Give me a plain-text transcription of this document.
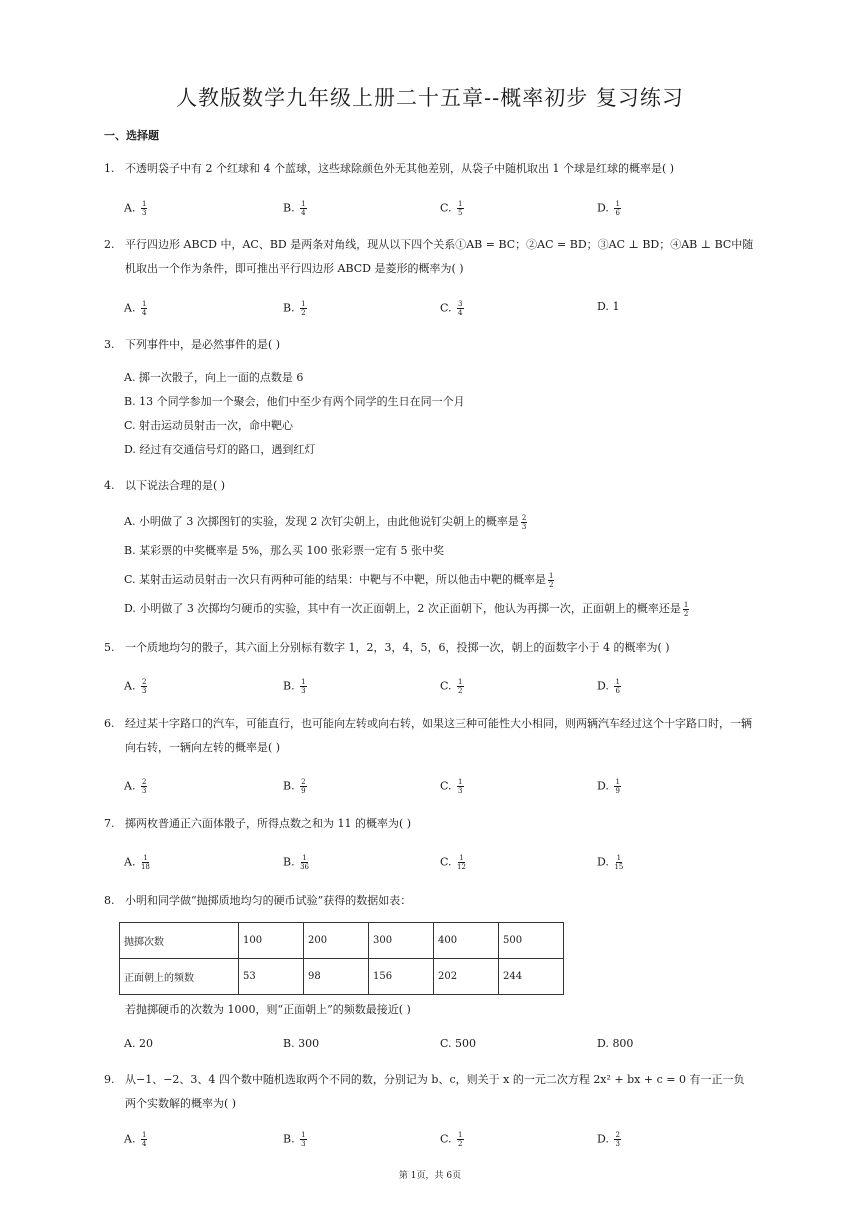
人教版数学九年级上册二十五章--概率初步 复习练习
一、选择题
1. 不透明袋子中有 2 个红球和 4 个蓝球，这些球除颜色外无其他差别，从袋子中随机取出 1 个球是红球的概率是( )
A. $\frac{1}{3}$	B. $\frac{1}{4}$	C. $\frac{1}{5}$	D. $\frac{1}{6}$
2. 平行四边形 ABCD 中，AC、BD 是两条对角线，现从以下四个关系①AB = BC；②AC = BD；③AC ⊥ BD；④AB ⊥ BC中随机取出一个作为条件，即可推出平行四边形 ABCD 是菱形的概率为( )
A. $\frac{1}{4}$	B. $\frac{1}{2}$	C. $\frac{3}{4}$	D. 1
3. 下列事件中，是必然事件的是( )
A. 掷一次骰子，向上一面的点数是 6
B. 13 个同学参加一个聚会，他们中至少有两个同学的生日在同一个月
C. 射击运动员射击一次，命中靶心
D. 经过有交通信号灯的路口，遇到红灯
4. 以下说法合理的是( )
A. 小明做了 3 次掷图钉的实验，发现 2 次钉尖朝上，由此他说钉尖朝上的概率是 $\frac{2}{3}$
B. 某彩票的中奖概率是 5%，那么买 100 张彩票一定有 5 张中奖
C. 某射击运动员射击一次只有两种可能的结果：中靶与不中靶，所以他击中靶的概率是 $\frac{1}{2}$
D. 小明做了 3 次掷均匀硬币的实验，其中有一次正面朝上，2 次正面朝下，他认为再掷一次，正面朝上的概率还是 $\frac{1}{2}$
5. 一个质地均匀的骰子，其六面上分别标有数字 1，2，3，4，5，6，投掷一次，朝上的面数字小于 4 的概率为( )
A. $\frac{2}{3}$	B. $\frac{1}{3}$	C. $\frac{1}{2}$	D. $\frac{1}{6}$
6. 经过某十字路口的汽车，可能直行，也可能向左转或向右转，如果这三种可能性大小相同，则两辆汽车经过这个十字路口时，一辆向右转，一辆向左转的概率是( )
A. $\frac{2}{3}$	B. $\frac{2}{9}$	C. $\frac{1}{3}$	D. $\frac{1}{9}$
7. 掷两枚普通正六面体骰子，所得点数之和为 11 的概率为( )
A. $\frac{1}{18}$	B. $\frac{1}{36}$	C. $\frac{1}{12}$	D. $\frac{1}{15}$
8. 小明和同学做“抛掷质地均匀的硬币试验”获得的数据如表：
抛掷次数	100	200	300	400	500
正面朝上的频数	53	98	156	202	244
若抛掷硬币的次数为 1000，则“正面朝上”的频数最接近( )
A. 20	B. 300	C. 500	D. 800
9. 从−1、−2、3、4 四个数中随机选取两个不同的数，分别记为 b、c，则关于 x 的一元二次方程 2x² + bx + c = 0 有一正一负两个实数解的概率为( )
A. $\frac{1}{4}$	B. $\frac{1}{3}$	C. $\frac{1}{2}$	D. $\frac{2}{3}$
第 1页，共 6页
